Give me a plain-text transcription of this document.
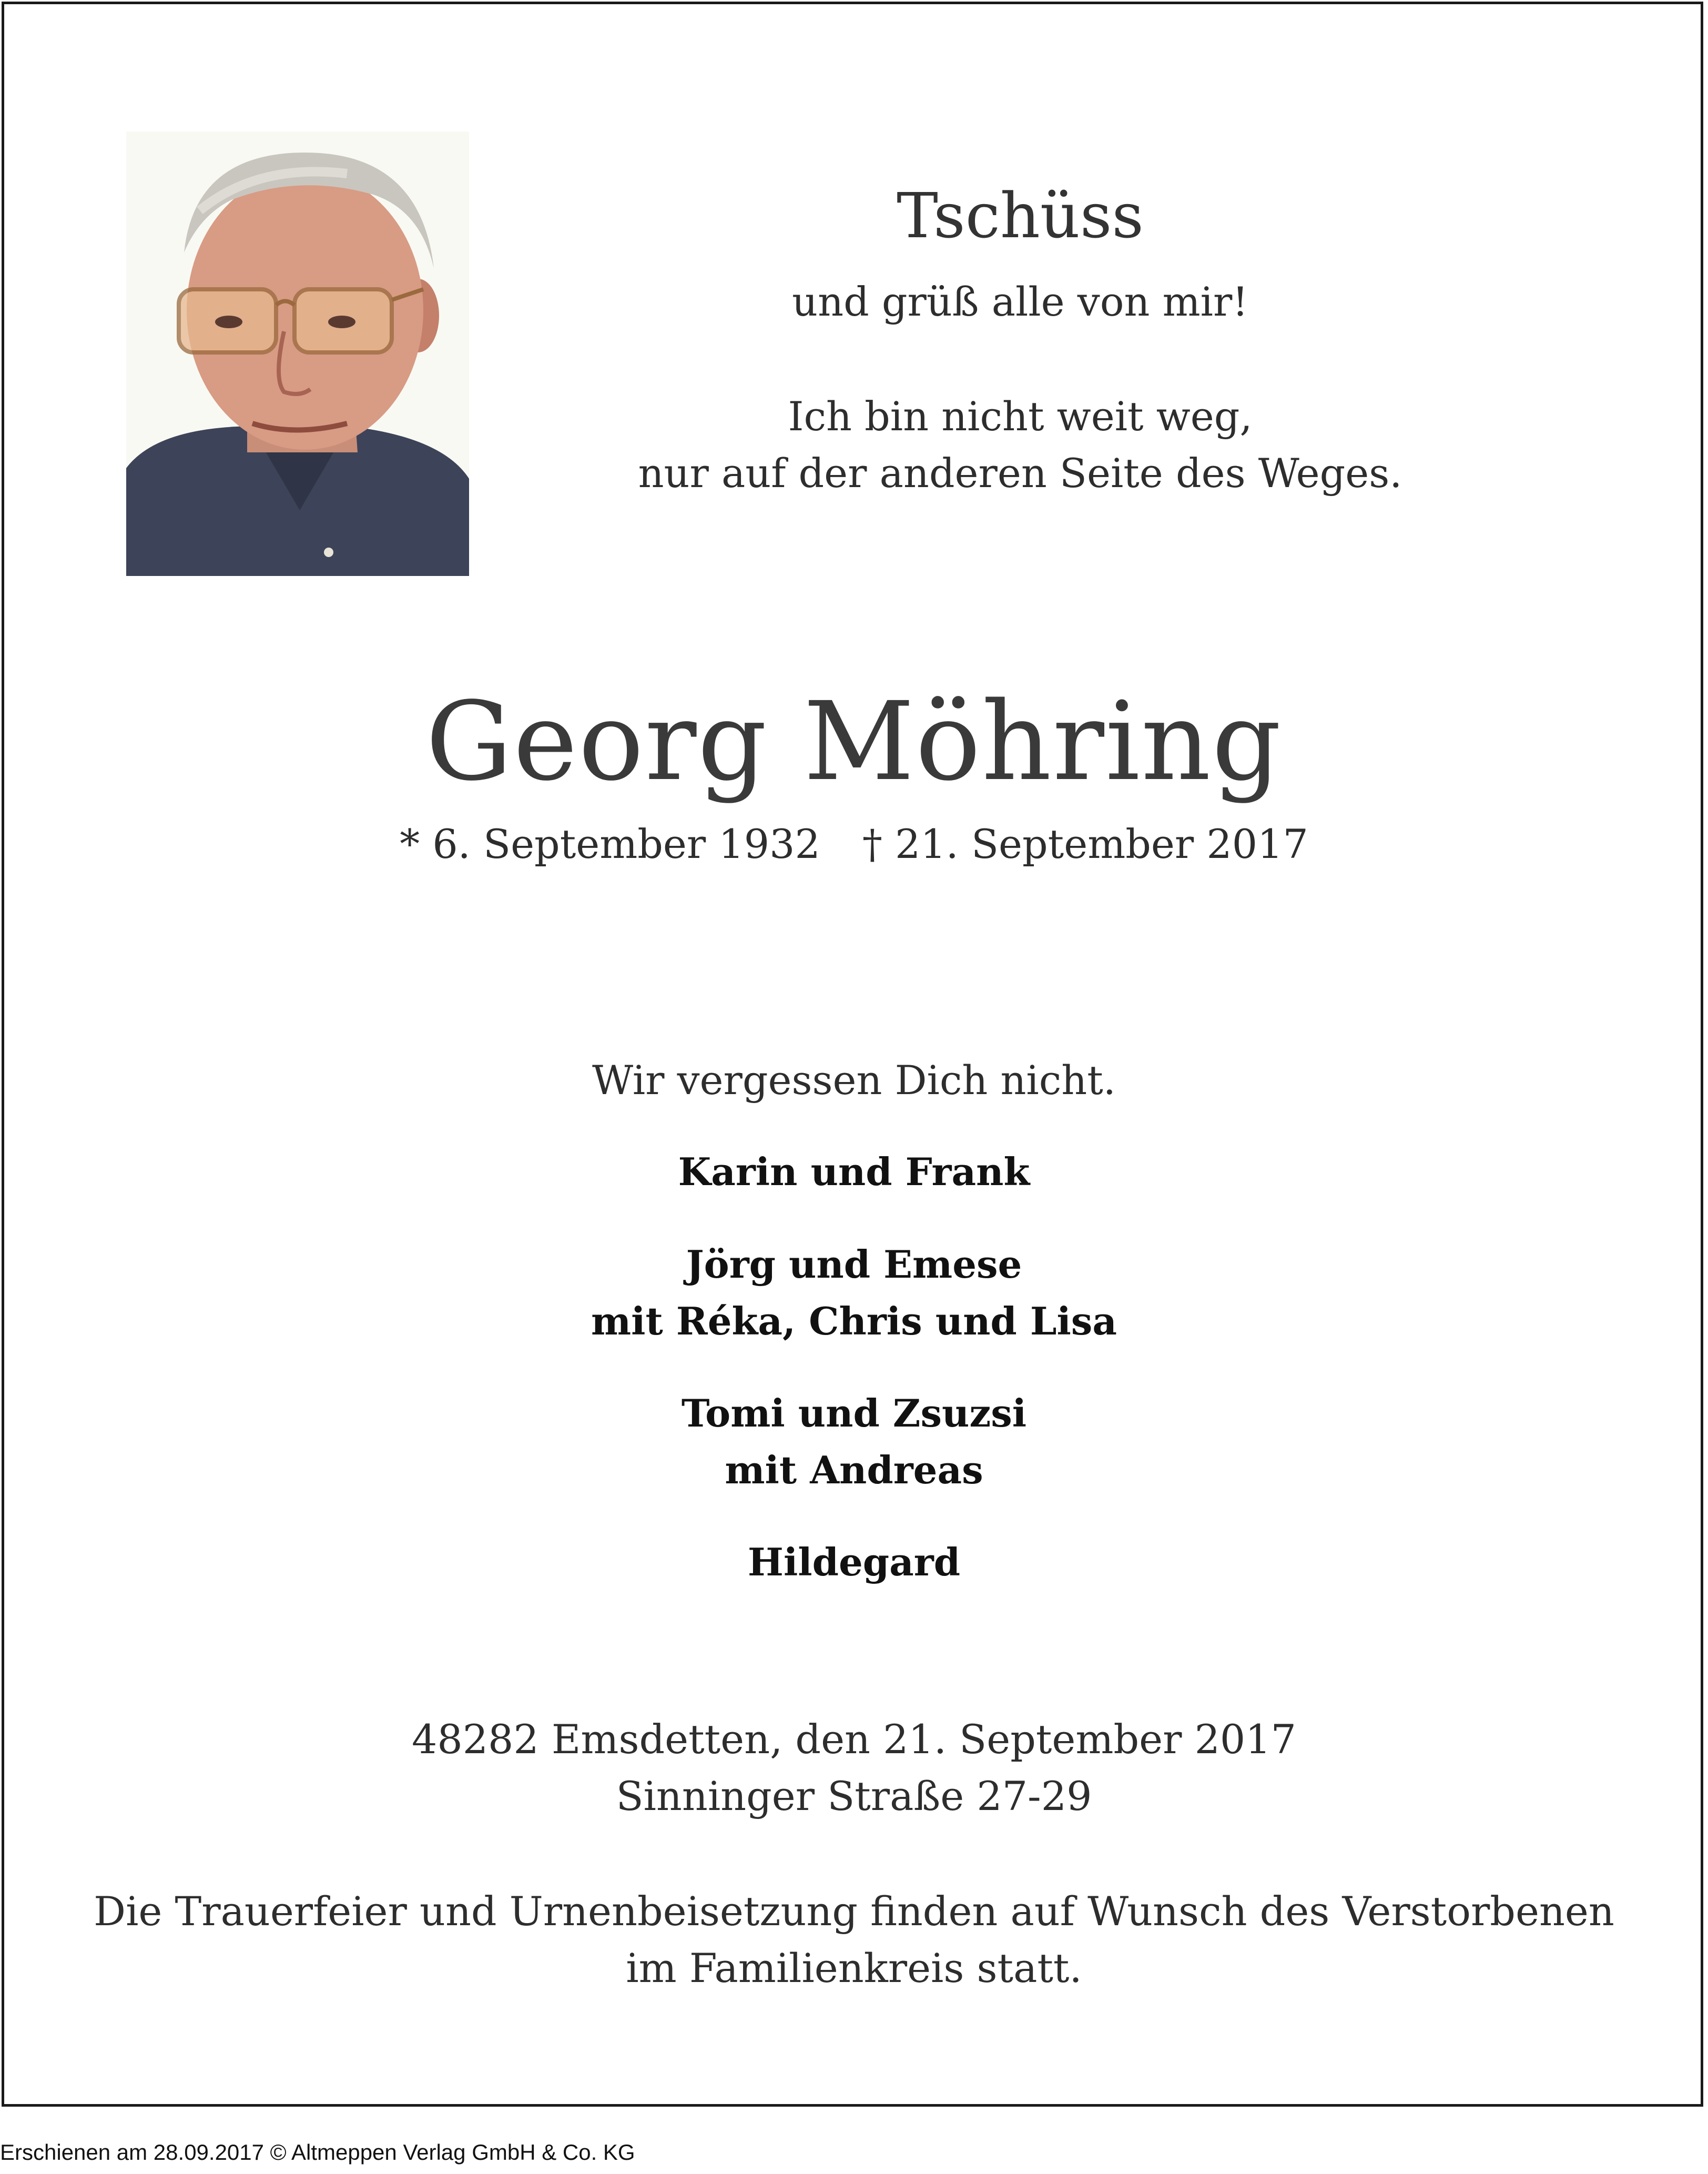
Tschüss
und grüß alle von mir!
Ich bin nicht weit weg,
nur auf der anderen Seite des Weges.
Georg Möhring
* 6. September 1932 † 21. September 2017
Wir vergessen Dich nicht.
Karin und Frank
Jörg und Emese
mit Réka, Chris und Lisa
Tomi und Zsuzsi
mit Andreas
Hildegard
48282 Emsdetten, den 21. September 2017
Sinninger Straße 27-29
Die Trauerfeier und Urnenbeisetzung finden auf Wunsch des Verstorbenen
im Familienkreis statt.
Erschienen am 28.09.2017 © Altmeppen Verlag GmbH & Co. KG
